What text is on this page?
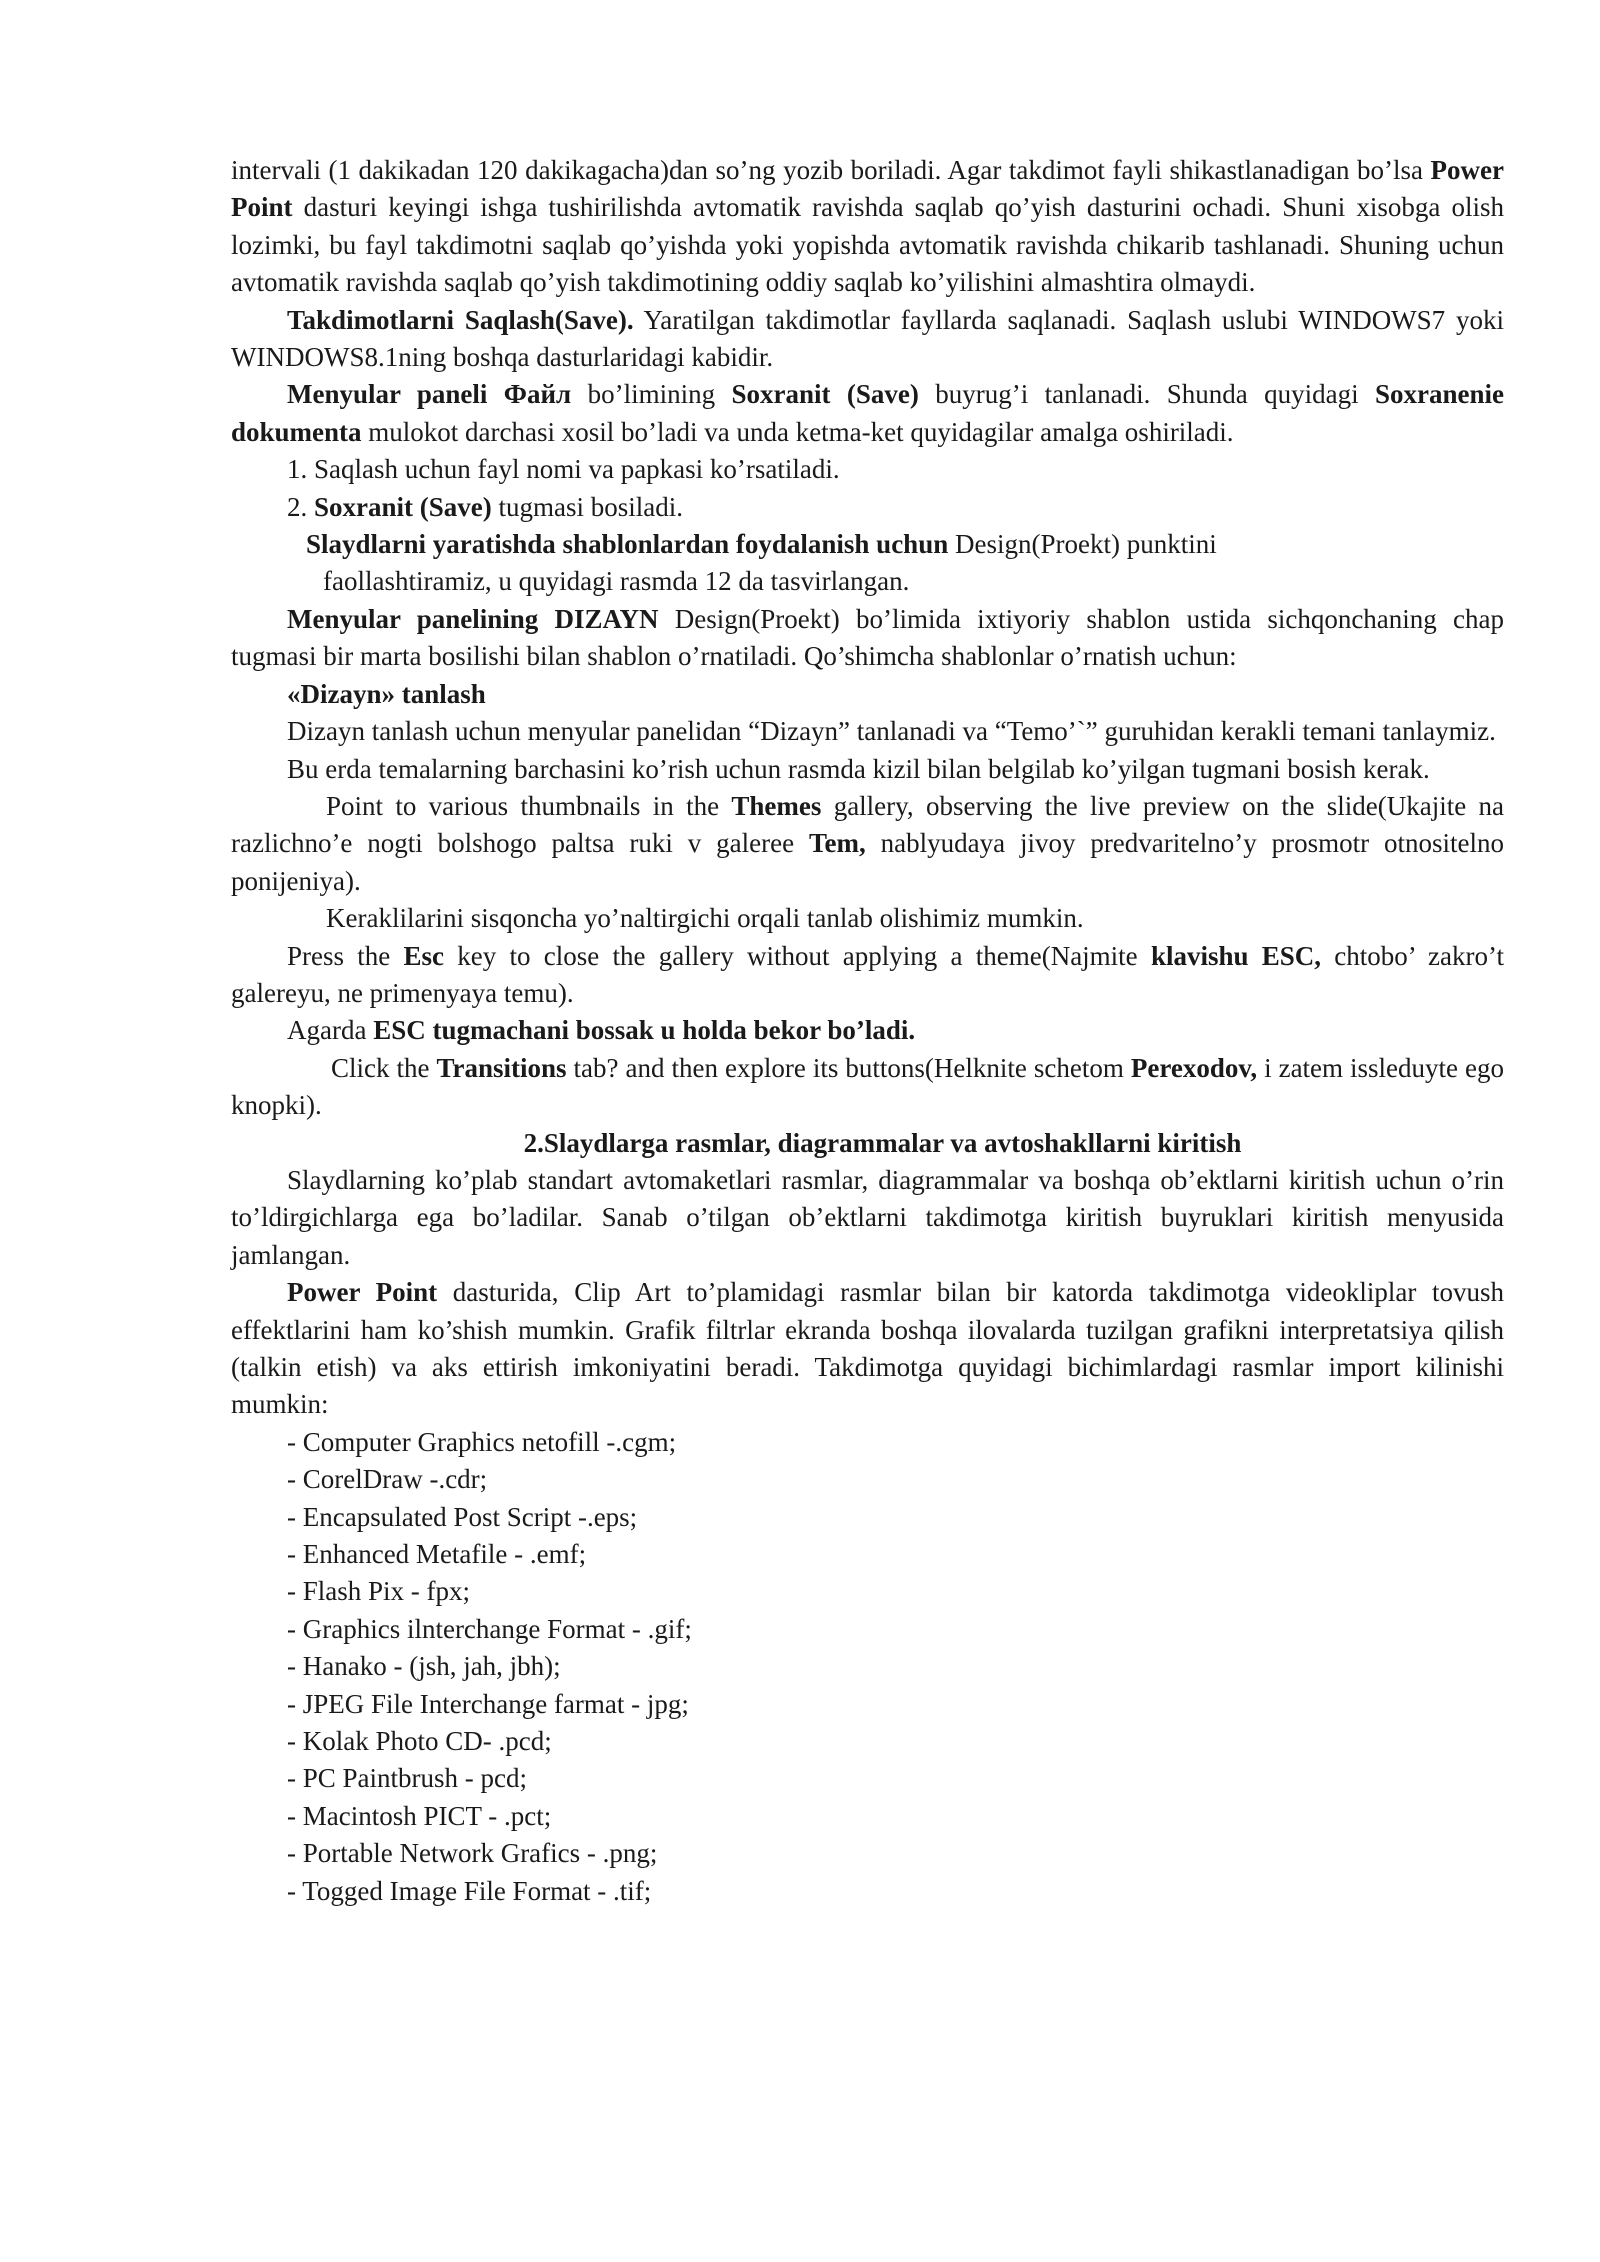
intervali (1 dakikadan 120 dakikagacha)dan so’ng yozib boriladi. Agar takdimot fayli shikastlanadigan bo’lsa Power Point dasturi keyingi ishga tushirilishda avtomatik ravishda saqlab qo’yish dasturini ochadi. Shuni xisobga olish lozimki, bu fayl takdimotni saqlab qo’yishda yoki yopishda avtomatik ravishda chikarib tashlanadi. Shuning uchun avtomatik ravishda saqlab qo’yish takdimotining oddiy saqlab ko’yilishini almashtira olmaydi.

Takdimotlarni Saqlash(Save). Yaratilgan takdimotlar fayllarda saqlanadi. Saqlash uslubi WINDOWS7 yoki WINDOWS8.1ning boshqa dasturlaridagi kabidir.

Menyular paneli Файл bo’limining Soxranit (Save) buyrug’i tanlanadi. Shunda quyidagi Soxranenie dokumenta mulokot darchasi xosil bo’ladi va unda ketma-ket quyidagilar amalga oshiriladi.

1. Saqlash uchun fayl nomi va papkasi ko’rsatiladi.

2. Soxranit (Save) tugmasi bosiladi.

Slaydlarni yaratishda shablonlardan foydalanish uchun Design(Proekt) punktini

faollashtiramiz, u quyidagi rasmda 12 da tasvirlangan.

Menyular panelining DIZAYN Design(Proekt) bo’limida ixtiyoriy shablon ustida sichqonchaning chap tugmasi bir marta bosilishi bilan shablon o’rnatiladi. Qo’shimcha shablonlar o’rnatish uchun:

«Dizayn» tanlash

Dizayn tanlash uchun menyular panelidan “Dizayn” tanlanadi va “Temo’`” guruhidan kerakli temani tanlaymiz.

Bu erda temalarning barchasini ko’rish uchun rasmda kizil bilan belgilab ko’yilgan tugmani bosish kerak.

Point to various thumbnails in the Themes gallery, observing the live preview on the slide(Ukajite na razlichno’e nogti bolshogo paltsa ruki v galeree Tem, nablyudaya jivoy predvaritelno’y prosmotr otnositelno ponijeniya).

Keraklilarini sisqoncha yo’naltirgichi orqali tanlab olishimiz mumkin.

Press the Esc key to close the gallery without applying a theme(Najmite klavishu ESC, chtobo’ zakro’t galereyu, ne primenyaya temu).

Agarda ESC tugmachani bossak u holda bekor bo’ladi.

Click the Transitions tab? and then explore its buttons(Helknite schetom Perexodov, i zatem issleduyte ego knopki).

2.Slaydlarga rasmlar, diagrammalar va avtoshakllarni kiritish

Slaydlarning ko’plab standart avtomaketlari rasmlar, diagrammalar va boshqa ob’ektlarni kiritish uchun o’rin to’ldirgichlarga ega bo’ladilar. Sanab o’tilgan ob’ektlarni takdimotga kiritish buyruklari kiritish menyusida jamlangan.

Power Point dasturida, Clip Art to’plamidagi rasmlar bilan bir katorda takdimotga videokliplar tovush effektlarini ham ko’shish mumkin. Grafik filtrlar ekranda boshqa ilovalarda tuzilgan grafikni interpretatsiya qilish (talkin etish) va aks ettirish imkoniyatini beradi. Takdimotga quyidagi bichimlardagi rasmlar import kilinishi mumkin:

- Computer Graphics netofill -.cgm;
- CorelDraw -.cdr;
- Encapsulated Post Script -.eps;
- Enhanced Metafile - .emf;
- Flash Pix - fpx;
- Graphics ilnterchange Format - .gif;
- Hanako - (jsh, jah, jbh);
- JPEG File Interchange farmat - jpg;
- Kolak Photo CD- .pcd;
- PC Paintbrush - pcd;
- Macintosh PICT - .pct;
- Portable Network Grafics - .png;
- Togged Image File Format - .tif;
